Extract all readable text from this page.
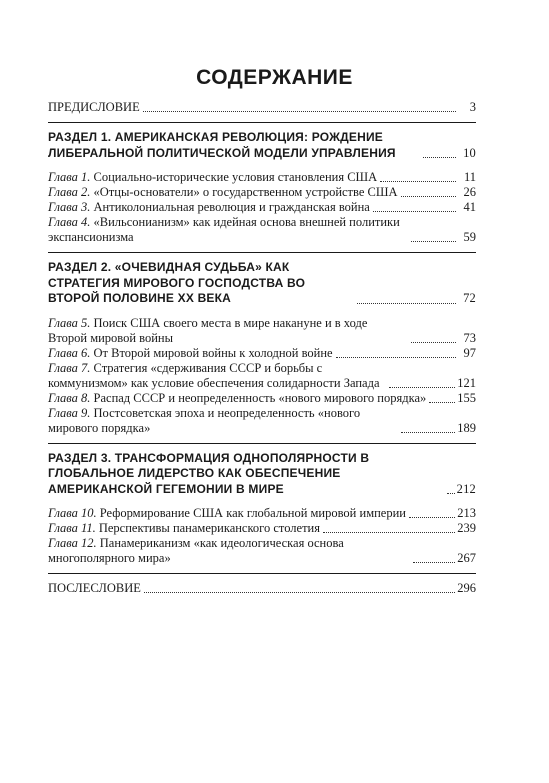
СОДЕРЖАНИЕ
ПРЕДИСЛОВИЕ	3
РАЗДЕЛ 1. АМЕРИКАНСКАЯ РЕВОЛЮЦИЯ: РОЖДЕНИЕ ЛИБЕРАЛЬНОЙ ПОЛИТИЧЕСКОЙ МОДЕЛИ УПРАВЛЕНИЯ	10
Глава 1. Социально-исторические условия становления США	11
Глава 2. «Отцы-основатели» о государственном устройстве США	26
Глава 3. Антиколониальная революция и гражданская война	41
Глава 4. «Вильсонианизм» как идейная основа внешней политики экспансионизма	59
РАЗДЕЛ 2. «ОЧЕВИДНАЯ СУДЬБА» КАК СТРАТЕГИЯ МИРОВОГО ГОСПОДСТВА ВО ВТОРОЙ ПОЛОВИНЕ XX ВЕКА	72
Глава 5. Поиск США своего места в мире накануне и в ходе Второй мировой войны	73
Глава 6. От Второй мировой войны к холодной войне	97
Глава 7. Стратегия «сдерживания СССР и борьбы с коммунизмом» как условие обеспечения солидарности Запада	121
Глава 8. Распад СССР и неопределенность «нового мирового порядка» 155
Глава 9. Постсоветская эпоха и неопределенность «нового мирового порядка»	189
РАЗДЕЛ 3. ТРАНСФОРМАЦИЯ ОДНОПОЛЯРНОСТИ В ГЛОБАЛЬНОЕ ЛИДЕРСТВО КАК ОБЕСПЕЧЕНИЕ АМЕРИКАНСКОЙ ГЕГЕМОНИИ В МИРЕ	212
Глава 10. Реформирование США как глобальной мировой империи	213
Глава 11. Перспективы панамериканского столетия	239
Глава 12. Панамериканизм «как идеологическая основа многополярного мира»	267
ПОСЛЕСЛОВИЕ	296
